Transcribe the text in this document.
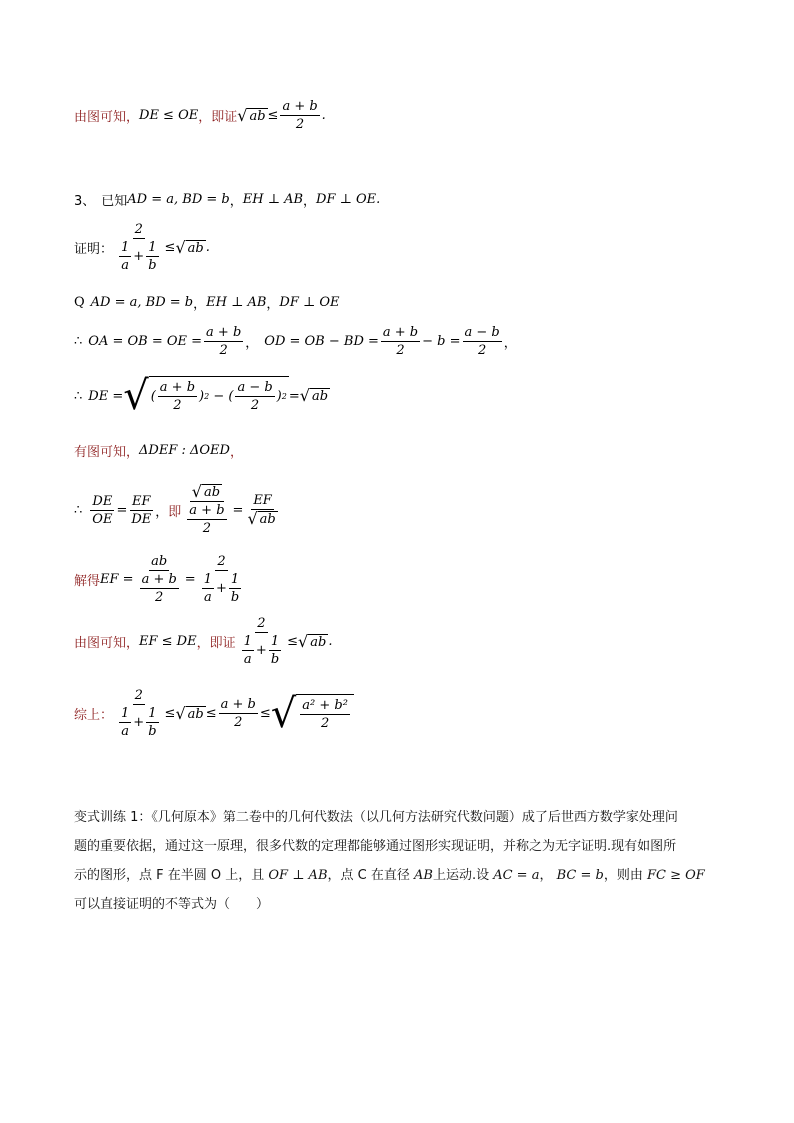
由图可知， DE ≤ OE ，即证 √ ab ≤ $\frac{a + b}{2}$ .
3、 已知 AD = a, BD = b ， EH ⊥ AB ， DF ⊥ OE .
证明： $\frac{2}{\frac{1}{a} + \frac{1}{b}}$ ≤ √ ab .
Q AD = a, BD = b ， EH ⊥ AB ， DF ⊥ OE
∴ OA = OB = OE = $\frac{a + b}{2}$ ， OD = OB − BD = $\frac{a + b}{2} - b = \frac{a - b}{2}$ ，
∴ DE = √ ( $\frac{a + b}{2}$ ) 2 − ( $\frac{a - b}{2}$ ) 2 = √ ab
有图可知， ΔDEF : ΔOED ，
∴ $\frac{DE}{OE} = \frac{EF}{DE}$ ， 即 $\frac{√ ab}{\frac{a + b}{2}} = \frac{EF}{√ ab}$
解得 EF = $\frac{ab}{\frac{a + b}{2}} = \frac{2}{\frac{1}{a} + \frac{1}{b}}$
由图可知， EF ≤ DE ，即证 $\frac{2}{\frac{1}{a} + \frac{1}{b}}$ ≤ √ ab .
综上： $\frac{2}{\frac{1}{a} + \frac{1}{b}}$ ≤ √ ab ≤ $\frac{a + b}{2}$ ≤ √ $\frac{\text{a² + b²}}{2}$
变式训练 1：《几何原本》第二卷中的几何代数法（以几何方法研究代数问题）成了后世西方数学家处理问
题的重要依据，通过这一原理，很多代数的定理都能够通过图形实现证明，并称之为无字证明.现有如图所
示的图形，点 F 在半圆 O 上，且 OF ⊥ AB，点 C 在直径 AB上运动.设 AC = a， BC = b，则由 FC ≥ OF
可以直接证明的不等式为（　　）
